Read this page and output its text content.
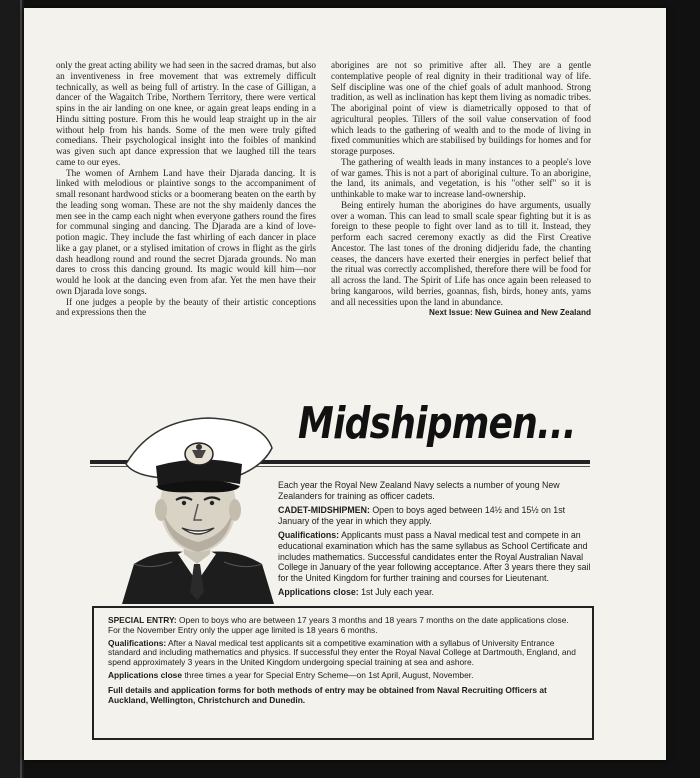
only the great acting ability we had seen in the sacred dramas, but also an inventiveness in free movement that was extremely difficult technically, as well as being full of artistry. In the case of Gilligan, a dancer of the Wagaitch Tribe, Northern Territory, there were vertical spins in the air landing on one knee, or again great leaps ending in a Hindu sitting posture. From this he would leap straight up in the air without help from his hands. Some of the men were truly gifted comedians. Their psychological insight into the foibles of mankind was given such apt dance expression that we laughed till the tears came to our eyes.

The women of Arnhem Land have their Djarada dancing. It is linked with melodious or plaintive songs to the accompaniment of small resonant hardwood sticks or a boomerang beaten on the earth by the leading song woman. These are not the shy maidenly dances the men see in the camp each night when everyone gathers round the fires for communal singing and dancing. The Djarada are a kind of love-potion magic. They include the fast whirling of each dancer in place like a gay planet, or a stylised imitation of crows in flight as the girls dash headlong round and round the secret Djarada grounds. No man dares to cross this dancing ground. Its magic would kill him—nor would he look at the dancing even from afar. Yet the men have their own Djarada love songs.

If one judges a people by the beauty of their artistic conceptions and expressions then the

aborigines are not so primitive after all. They are a gentle contemplative people of real dignity in their traditional way of life. Self discipline was one of the chief goals of adult manhood. Strong tradition, as well as inclination has kept them living as nomadic tribes. The aboriginal point of view is diametrically opposed to that of agricultural peoples. Tillers of the soil value conservation of food which leads to the gathering of wealth and to the mode of living in fixed communities which are stabilised by buildings for homes and for storage purposes.

The gathering of wealth leads in many instances to a people's love of war games. This is not a part of aboriginal culture. To an aborigine, the land, its animals, and vegetation, is his "other self" so it is unthinkable to make war to increase land-ownership.

Being entirely human the aborigines do have arguments, usually over a woman. This can lead to small scale spear fighting but it is as foreign to these people to fight over land as to till it. Instead, they perform each sacred ceremony exactly as did the First Creative Ancestor. The last tones of the droning didjeridu fade, the chanting ceases, the dancers have exerted their energies in perfect belief that the ritual was correctly accomplished, therefore there will be food for all across the land. The Spirit of Life has once again been released to bring kangaroos, wild berries, goannas, fish, birds, honey ants, yams and all necessities upon the land in abundance.

Next Issue: New Guinea and New Zealand
Midshipmen...

Each year the Royal New Zealand Navy selects a number of young New Zealanders for training as officer cadets.

CADET-MIDSHIPMEN: Open to boys aged between 14½ and 15½ on 1st January of the year in which they apply.

Qualifications: Applicants must pass a Naval medical test and compete in an educational examination which has the same syllabus as School Certificate and includes mathematics. Successful candidates enter the Royal Australian Naval College in January of the year following acceptance. After 3 years there they sail for the United Kingdom for further training and courses for Lieutenant.

Applications close: 1st July each year.

SPECIAL ENTRY: Open to boys who are between 17 years 3 months and 18 years 7 months on the date applications close. For the November Entry only the upper age limited is 18 years 6 months.

Qualifications: After a Naval medical test applicants sit a competitive examination with a syllabus of University Entrance standard and including mathematics and physics. If successful they enter the Royal Naval College at Dartmouth, England, and spend approximately 3 years in the United Kingdom undergoing special training at sea and ashore.

Applications close three times a year for Special Entry Scheme—on 1st April, August, November.

Full details and application forms for both methods of entry may be obtained from Naval Recruiting Officers at Auckland, Wellington, Christchurch and Dunedin.
